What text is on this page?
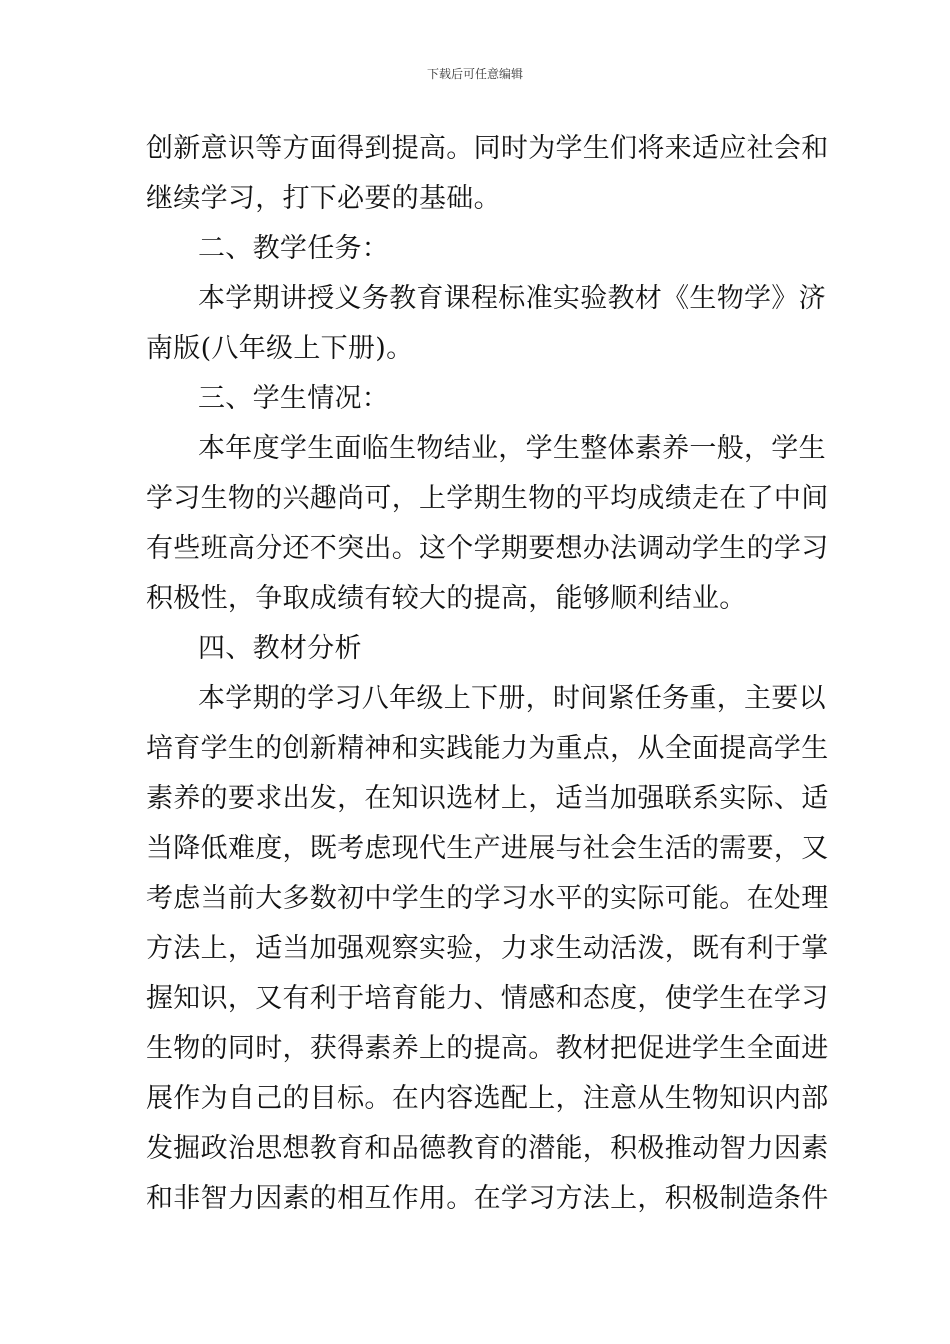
下载后可任意编辑
创新意识等方面得到提高。同时为学生们将来适应社会和
继续学习，打下必要的基础。
二、教学任务：
本学期讲授义务教育课程标准实验教材《生物学》济
南版(八年级上下册)。
三、学生情况：
本年度学生面临生物结业，学生整体素养一般，学生
学习生物的兴趣尚可，上学期生物的平均成绩走在了中间
有些班高分还不突出。这个学期要想办法调动学生的学习
积极性，争取成绩有较大的提高，能够顺利结业。
四、教材分析
本学期的学习八年级上下册，时间紧任务重，主要以
培育学生的创新精神和实践能力为重点，从全面提高学生
素养的要求出发，在知识选材上，适当加强联系实际、适
当降低难度，既考虑现代生产进展与社会生活的需要，又
考虑当前大多数初中学生的学习水平的实际可能。在处理
方法上，适当加强观察实验，力求生动活泼，既有利于掌
握知识，又有利于培育能力、情感和态度，使学生在学习
生物的同时，获得素养上的提高。教材把促进学生全面进
展作为自己的目标。在内容选配上，注意从生物知识内部
发掘政治思想教育和品德教育的潜能，积极推动智力因素
和非智力因素的相互作用。在学习方法上，积极制造条件
